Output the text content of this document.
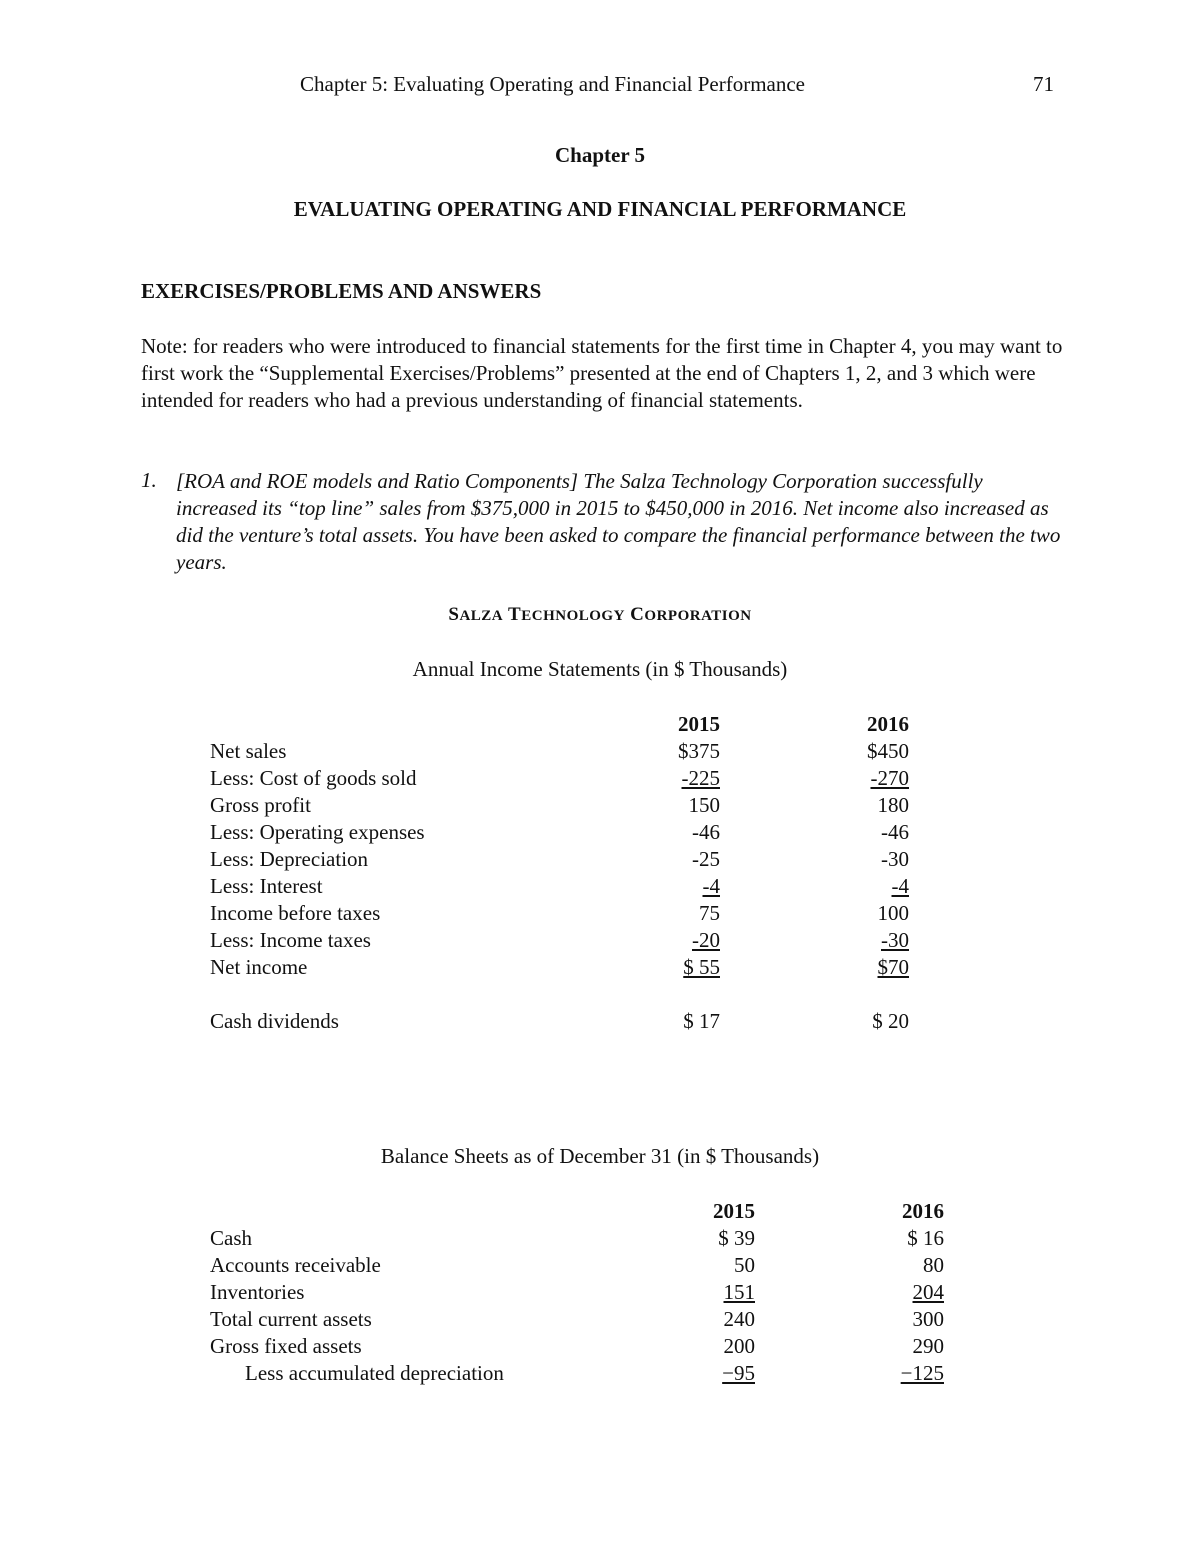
Chapter 5: Evaluating Operating and Financial Performance	71
Chapter 5
EVALUATING OPERATING AND FINANCIAL PERFORMANCE
EXERCISES/PROBLEMS AND ANSWERS
Note: for readers who were introduced to financial statements for the first time in Chapter 4, you may want to first work the “Supplemental Exercises/Problems” presented at the end of Chapters 1, 2, and 3 which were intended for readers who had a previous understanding of financial statements.
1. [ROA and ROE models and Ratio Components] The Salza Technology Corporation successfully increased its “top line” sales from $375,000 in 2015 to $450,000 in 2016. Net income also increased as did the venture’s total assets. You have been asked to compare the financial performance between the two years.
SALZA TECHNOLOGY CORPORATION
Annual Income Statements (in $ Thousands)
	2015		2016
Net sales	$375		$450
Less: Cost of goods sold	-225		-270
Gross profit	150		180
Less: Operating expenses	-46		-46
Less: Depreciation	-25		-30
Less: Interest	-4		-4
Income before taxes	75		100
Less: Income taxes	-20		-30
Net income	$ 55		$70

Cash dividends	$ 17		$ 20
Balance Sheets as of December 31 (in $ Thousands)
	2015		2016
Cash	$ 39		$ 16
Accounts receivable	50		80
Inventories	151		204
Total current assets	240		300
Gross fixed assets	200		290
Less accumulated depreciation	−95		−125
